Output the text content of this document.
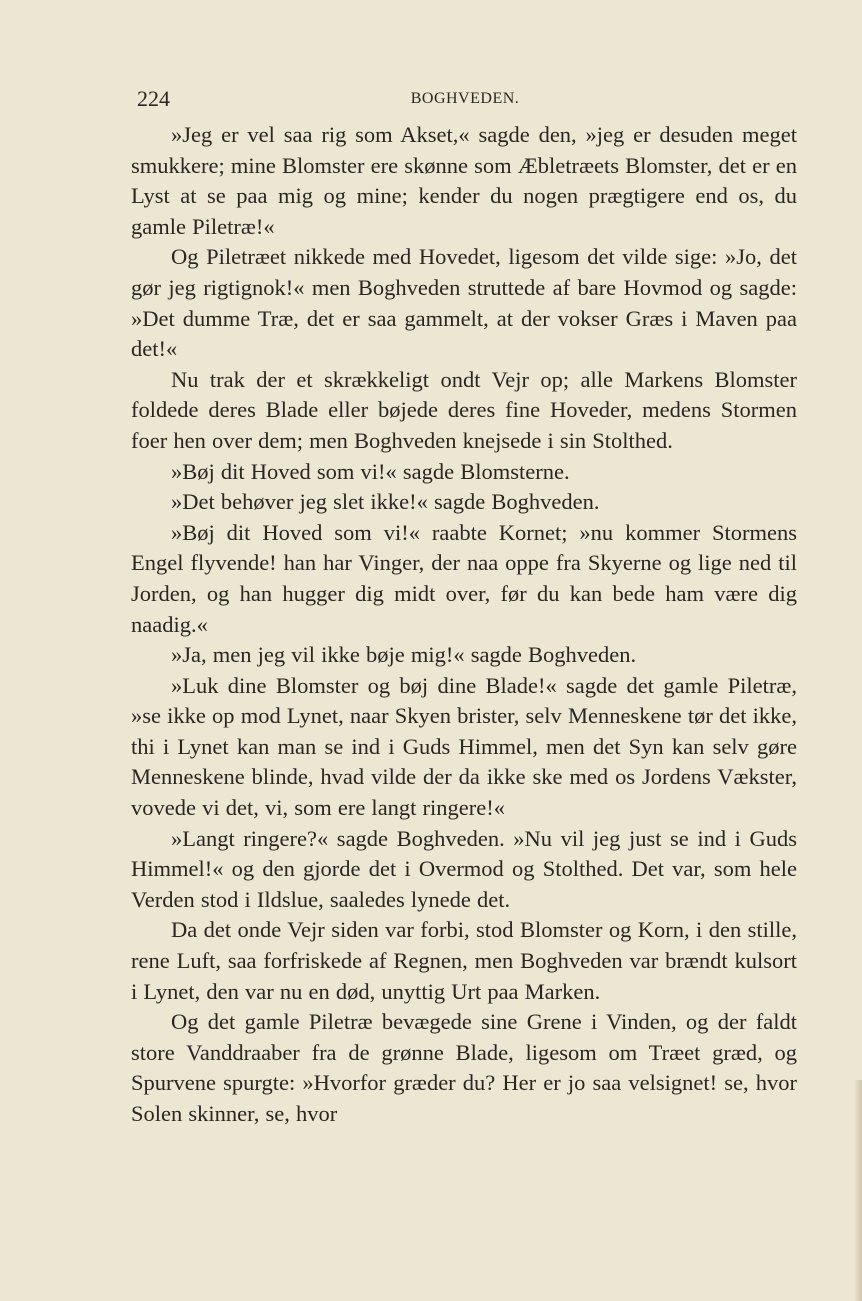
224	BOGHVEDEN.

»Jeg er vel saa rig som Akset,« sagde den, »jeg er desuden meget smukkere; mine Blomster ere skønne som Æbletræets Blomster, det er en Lyst at se paa mig og mine; kender du nogen prægtigere end os, du gamle Piletræ!«

Og Piletræet nikkede med Hovedet, ligesom det vilde sige: »Jo, det gør jeg rigtignok!« men Boghveden struttede af bare Hovmod og sagde: »Det dumme Træ, det er saa gammelt, at der vokser Græs i Maven paa det!«

Nu trak der et skrækkeligt ondt Vejr op; alle Markens Blomster foldede deres Blade eller bøjede deres fine Hoveder, medens Stormen foer hen over dem; men Boghveden knejsede i sin Stolthed.

»Bøj dit Hoved som vi!« sagde Blomsterne.

»Det behøver jeg slet ikke!« sagde Boghveden.

»Bøj dit Hoved som vi!« raabte Kornet; »nu kommer Stormens Engel flyvende! han har Vinger, der naa oppe fra Skyerne og lige ned til Jorden, og han hugger dig midt over, før du kan bede ham være dig naadig.«

»Ja, men jeg vil ikke bøje mig!« sagde Boghveden.

»Luk dine Blomster og bøj dine Blade!« sagde det gamle Piletræ, »se ikke op mod Lynet, naar Skyen brister, selv Menneskene tør det ikke, thi i Lynet kan man se ind i Guds Himmel, men det Syn kan selv gøre Menneskene blinde, hvad vilde der da ikke ske med os Jordens Vækster, vovede vi det, vi, som ere langt ringere!«

»Langt ringere?« sagde Boghveden. »Nu vil jeg just se ind i Guds Himmel!« og den gjorde det i Overmod og Stolthed. Det var, som hele Verden stod i Ildslue, saaledes lynede det.

Da det onde Vejr siden var forbi, stod Blomster og Korn, i den stille, rene Luft, saa forfriskede af Regnen, men Boghveden var brændt kulsort i Lynet, den var nu en død, unyttig Urt paa Marken.

Og det gamle Piletræ bevægede sine Grene i Vinden, og der faldt store Vanddraaber fra de grønne Blade, ligesom om Træet græd, og Spurvene spurgte: »Hvorfor græder du? Her er jo saa velsignet! se, hvor Solen skinner, se, hvor
